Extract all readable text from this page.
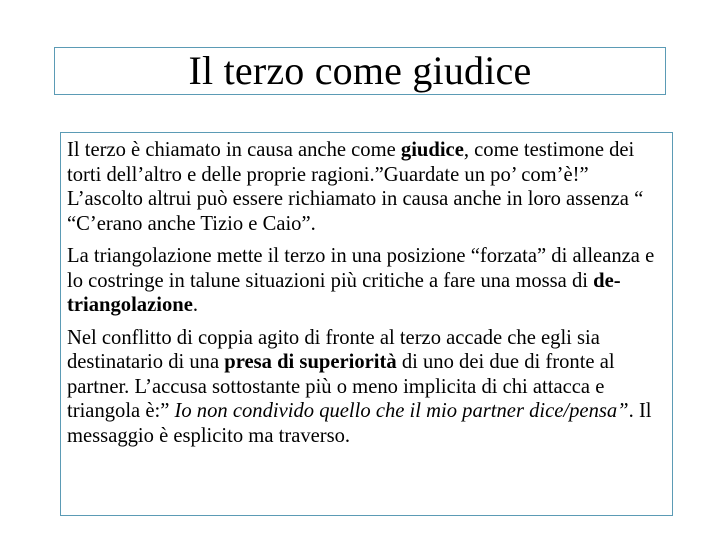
Il terzo come giudice

Il terzo è chiamato in causa anche come giudice, come testimone dei torti dell’altro e delle proprie ragioni.”Guardate un po’ com’è!” L’ascolto altrui può essere richiamato in causa anche in loro assenza “ “C’erano anche Tizio e Caio”.

La triangolazione mette il terzo in una posizione “forzata” di alleanza e lo costringe in talune situazioni più critiche a fare una mossa di de-triangolazione.

Nel conflitto di coppia agito di fronte al terzo accade che egli sia destinatario di una presa di superiorità di uno dei due di fronte al partner. L’accusa sottostante più o meno implicita di chi attacca e triangola è:” Io non condivido quello che il mio partner dice/pensa”. Il messaggio è esplicito ma traverso.
